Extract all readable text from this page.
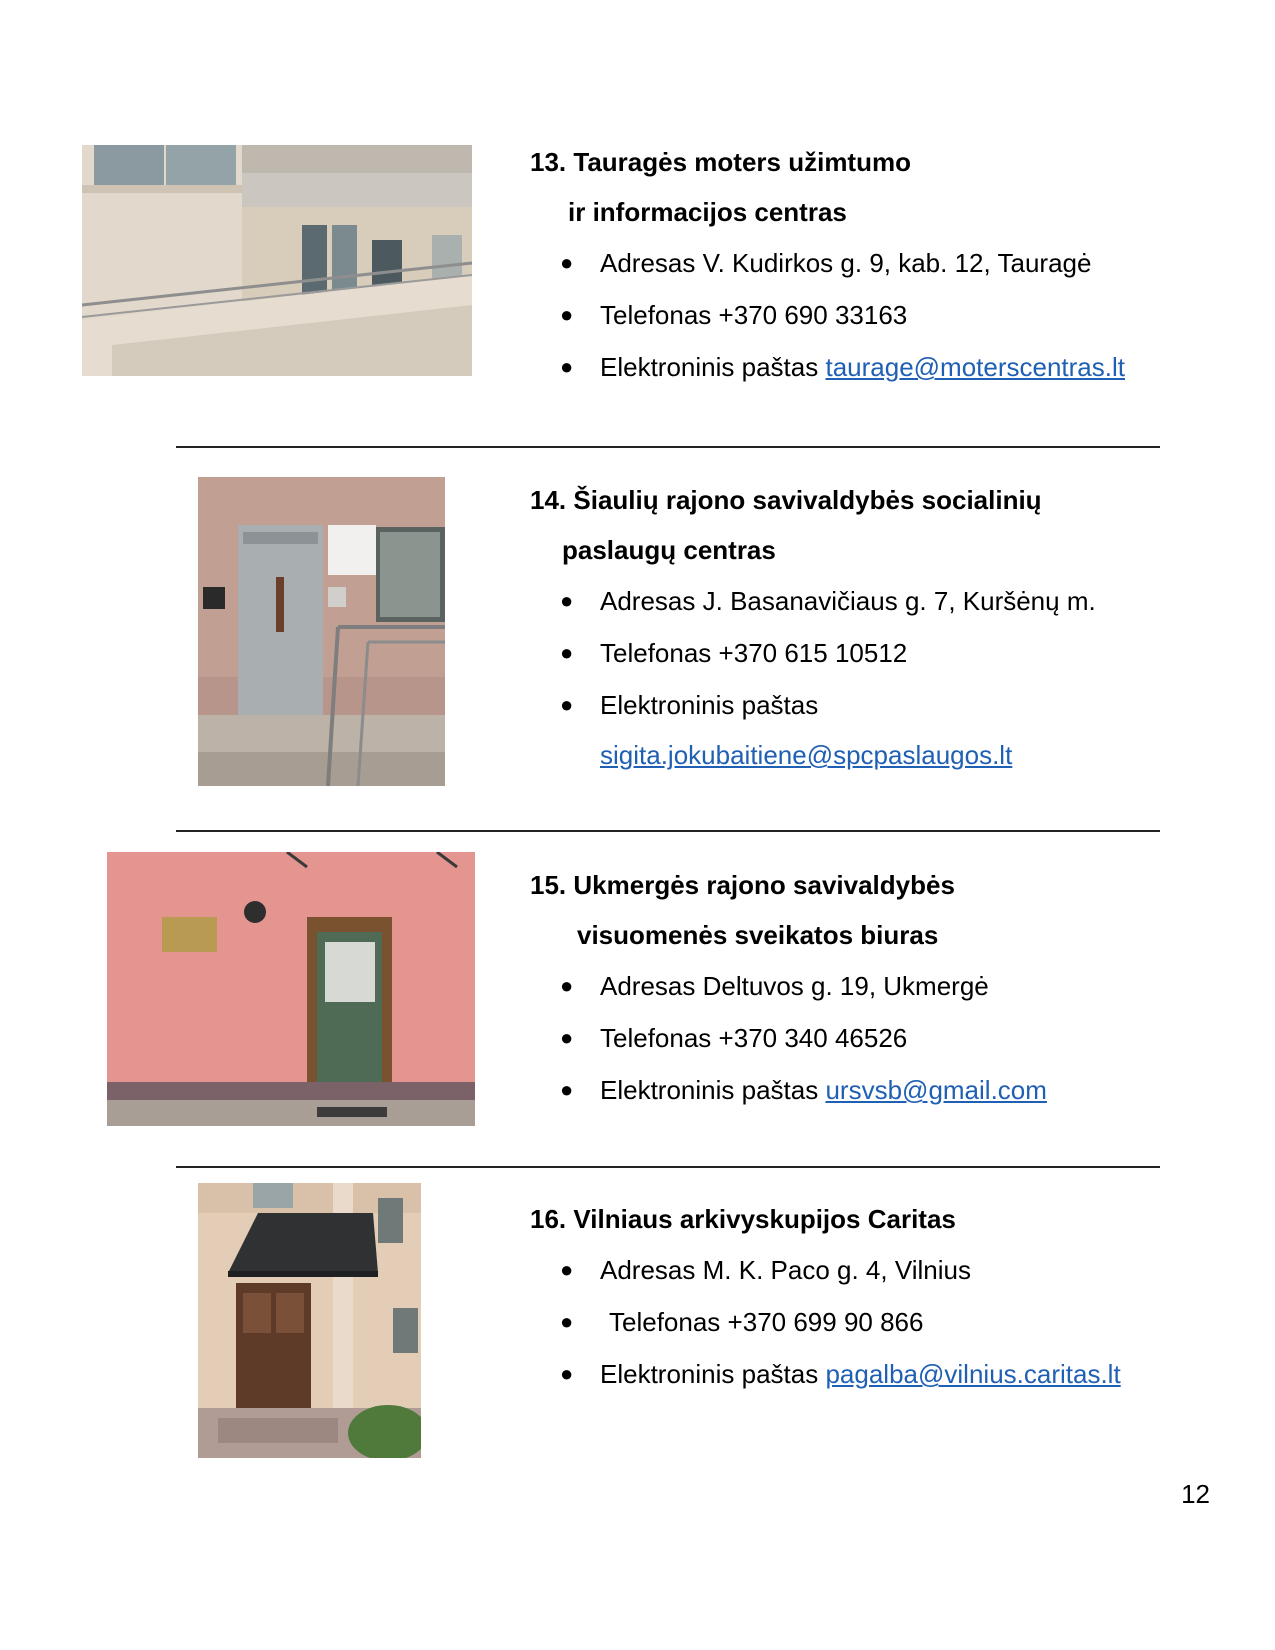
13. Tauragės moters užimtumo
ir informacijos centras
● Adresas V. Kudirkos g. 9, kab. 12, Tauragė
● Telefonas +370 690 33163
● Elektroninis paštas taurage@moterscentras.lt
14. Šiaulių rajono savivaldybės socialinių
paslaugų centras
● Adresas J. Basanavičiaus g. 7, Kuršėnų m.
● Telefonas +370 615 10512
● Elektroninis paštas
sigita.jokubaitiene@spcpaslaugos.lt
15. Ukmergės rajono savivaldybės
visuomenės sveikatos biuras
● Adresas Deltuvos g. 19, Ukmergė
● Telefonas +370 340 46526
● Elektroninis paštas ursvsb@gmail.com
16. Vilniaus arkivyskupijos Caritas
● Adresas M. K. Paco g. 4, Vilnius
● Telefonas +370 699 90 866
● Elektroninis paštas pagalba@vilnius.caritas.lt
12
